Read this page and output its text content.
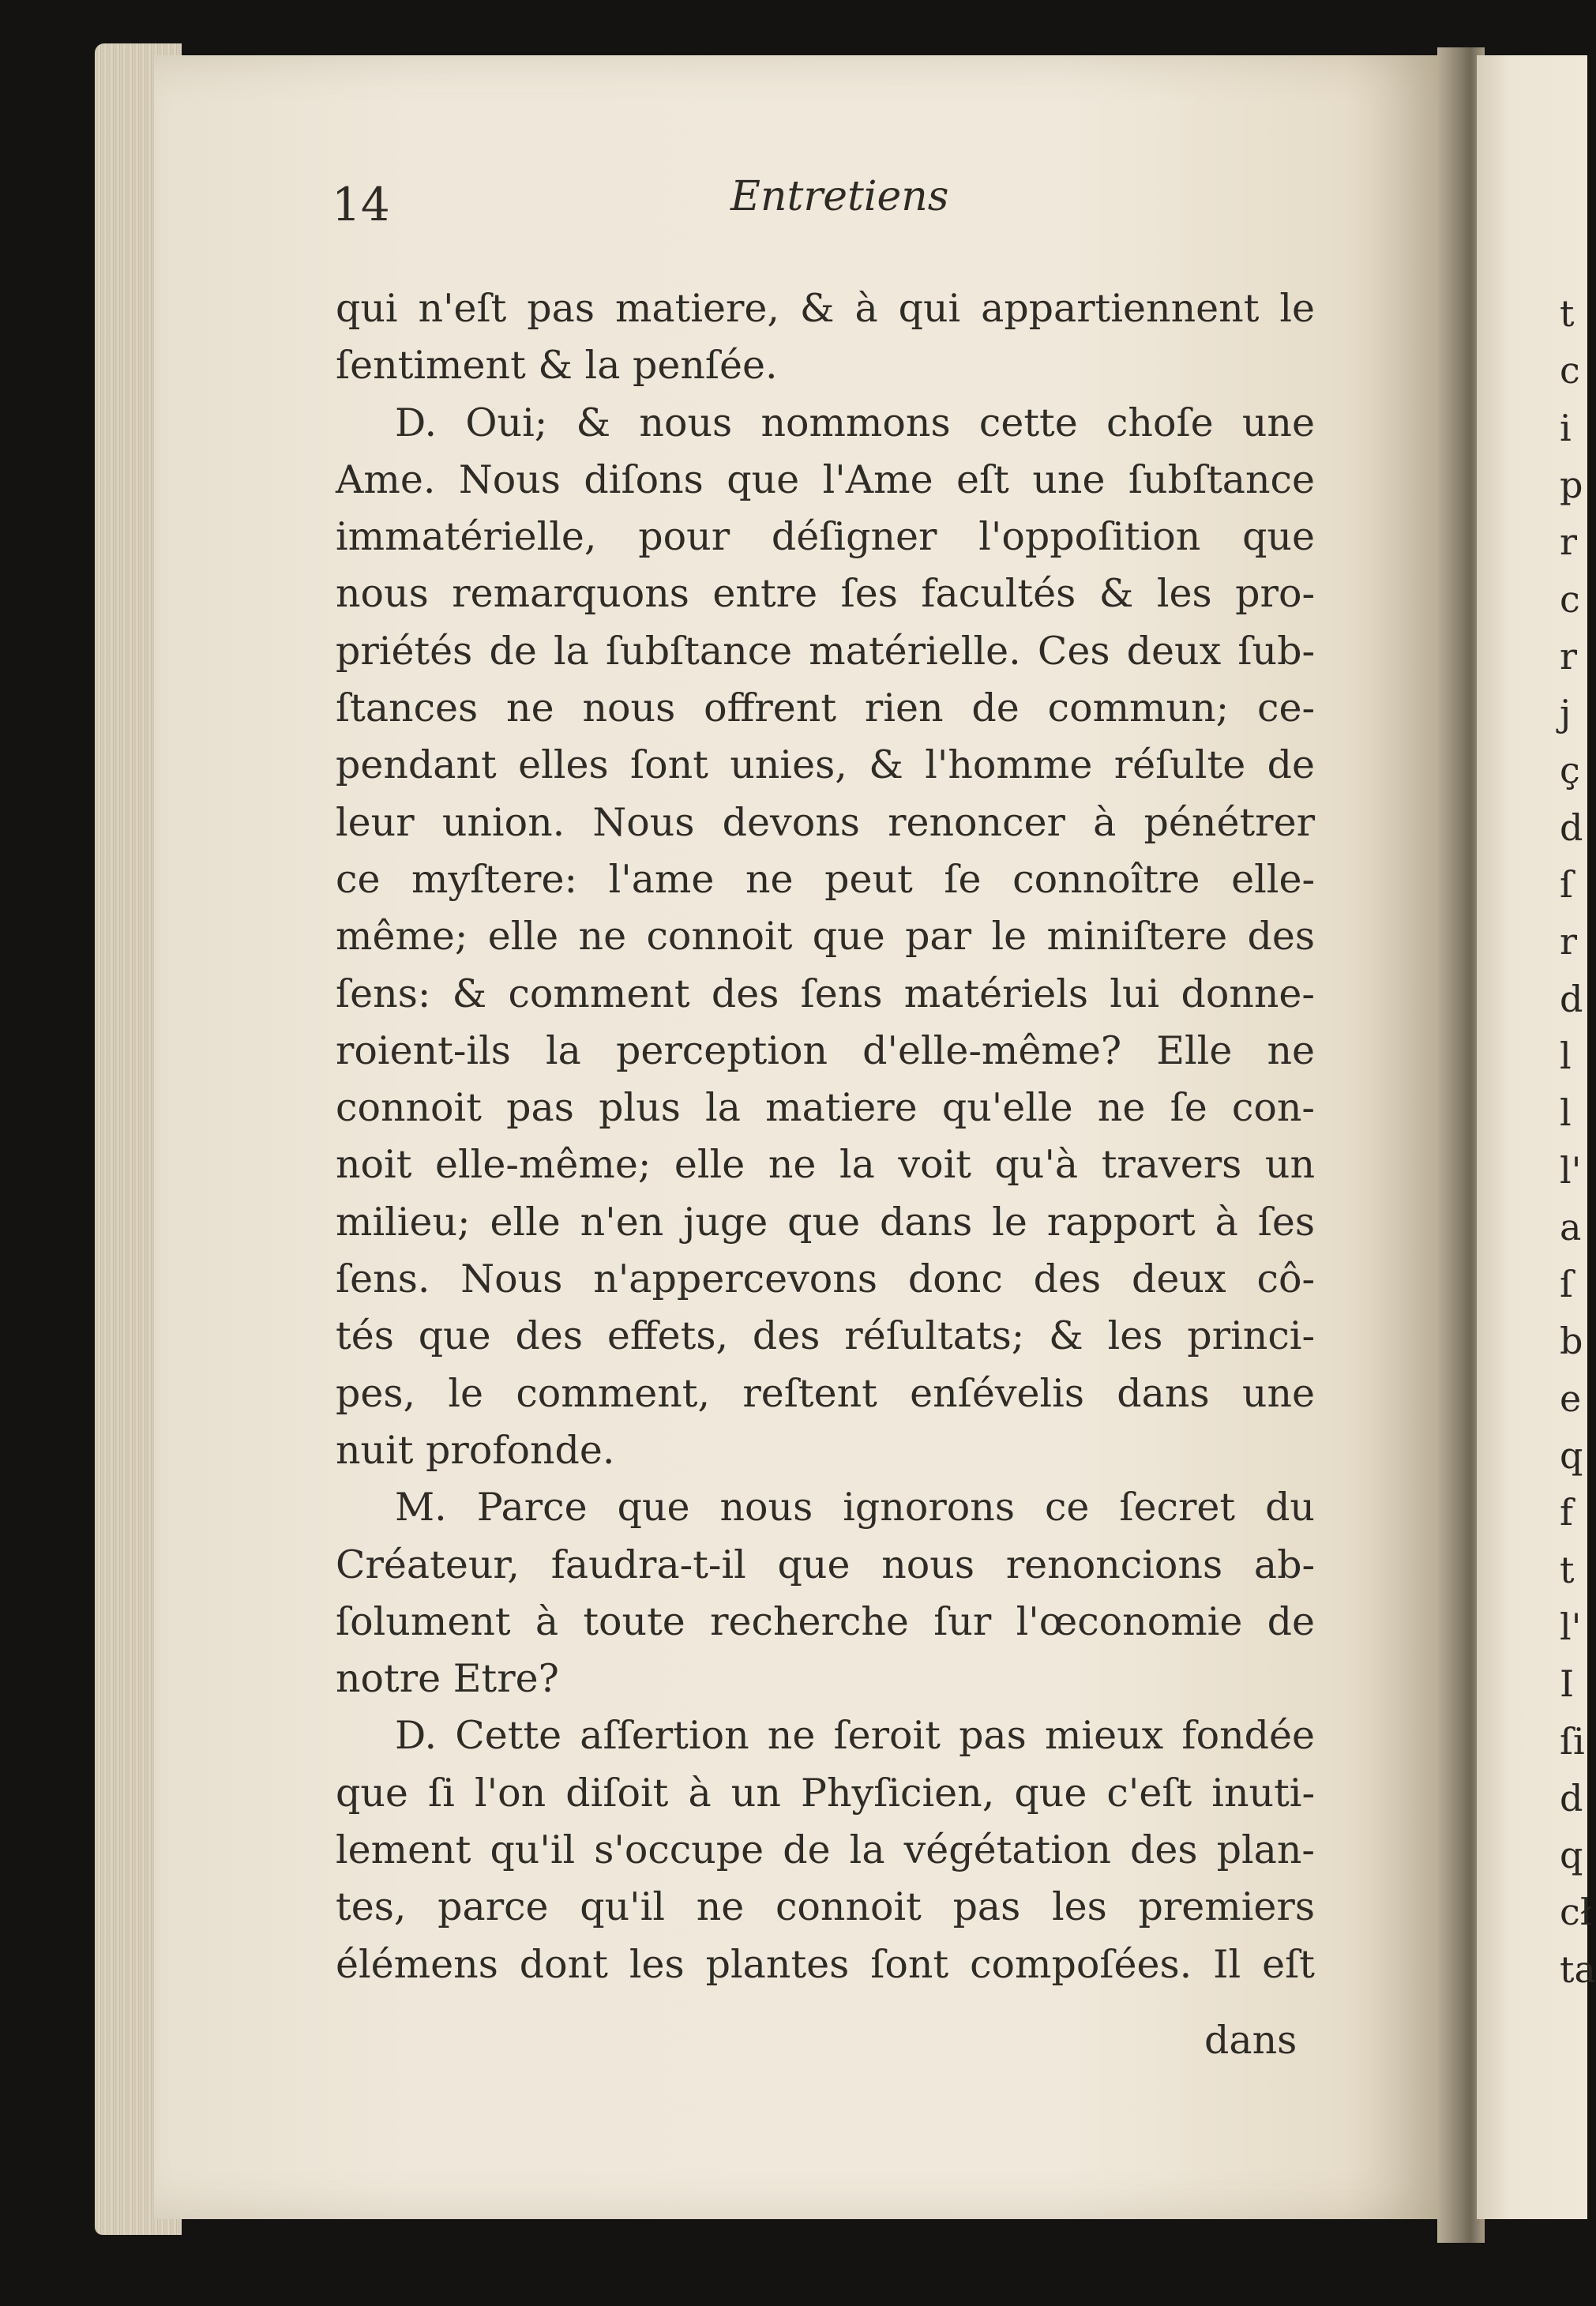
t
c
i
p
r
c
r
j
ç
d
ſ
r
d
l
l
l'
a
ſ
b
e
q
f
t
l'
I
ſi
d
q
cł
ta
14	Entretiens
qui n'eſt pas matiere, & à qui appartiennent le
ſentiment & la penſée.
D. Oui; & nous nommons cette choſe une
Ame. Nous diſons que l'Ame eſt une ſubſtance
immatérielle, pour déſigner l'oppoſition que
nous remarquons entre ſes facultés & les pro-
priétés de la ſubſtance matérielle. Ces deux ſub-
ſtances ne nous offrent rien de commun; ce-
pendant elles ſont unies, & l'homme réſulte de
leur union. Nous devons renoncer à pénétrer
ce myſtere: l'ame ne peut ſe connoître elle-
même; elle ne connoit que par le miniſtere des
ſens: & comment des ſens matériels lui donne-
roient-ils la perception d'elle-même? Elle ne
connoit pas plus la matiere qu'elle ne ſe con-
noit elle-même; elle ne la voit qu'à travers un
milieu; elle n'en juge que dans le rapport à ſes
ſens. Nous n'appercevons donc des deux cô-
tés que des effets, des réſultats; & les princi-
pes, le comment, reſtent enſévelis dans une
nuit profonde.
M. Parce que nous ignorons ce ſecret du
Créateur, faudra-t-il que nous renoncions ab-
ſolument à toute recherche ſur l'œconomie de
notre Etre?
D. Cette aſſertion ne ſeroit pas mieux fondée
que ſi l'on diſoit à un Phyſicien, que c'eſt inuti-
lement qu'il s'occupe de la végétation des plan-
tes, parce qu'il ne connoit pas les premiers
élémens dont les plantes ſont compoſées. Il eſt
dans
